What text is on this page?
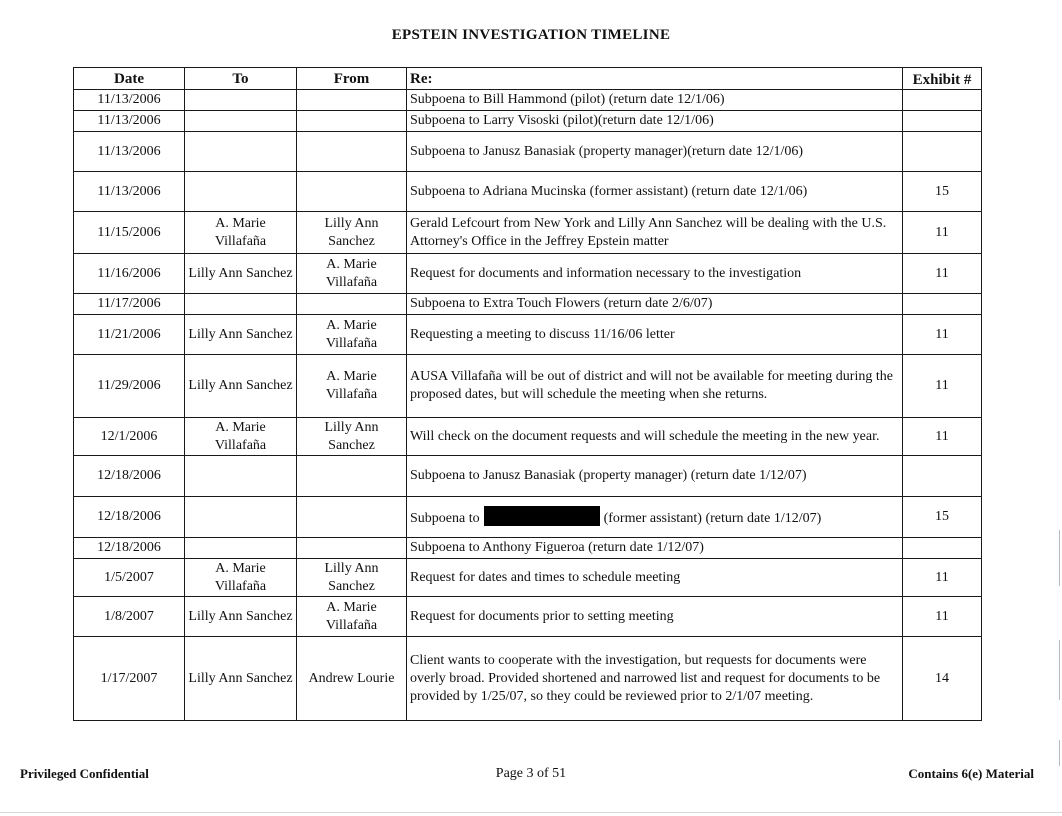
EPSTEIN INVESTIGATION TIMELINE
Date	To	From	Re:	Exhibit #
11/13/2006			Subpoena to Bill Hammond (pilot) (return date 12/1/06)	
11/13/2006			Subpoena to Larry Visoski (pilot)(return date 12/1/06)	
11/13/2006			Subpoena to Janusz Banasiak (property manager)(return date 12/1/06)	
11/13/2006			Subpoena to Adriana Mucinska (former assistant) (return date 12/1/06)	15
11/15/2006	A. Marie Villafaña	Lilly Ann Sanchez	Gerald Lefcourt from New York and Lilly Ann Sanchez will be dealing with the U.S. Attorney's Office in the Jeffrey Epstein matter	11
11/16/2006	Lilly Ann Sanchez	A. Marie Villafaña	Request for documents and information necessary to the investigation	11
11/17/2006			Subpoena to Extra Touch Flowers (return date 2/6/07)	
11/21/2006	Lilly Ann Sanchez	A. Marie Villafaña	Requesting a meeting to discuss 11/16/06 letter	11
11/29/2006	Lilly Ann Sanchez	A. Marie Villafaña	AUSA Villafaña will be out of district and will not be available for meeting during the proposed dates, but will schedule the meeting when she returns.	11
12/1/2006	A. Marie Villafaña	Lilly Ann Sanchez	Will check on the document requests and will schedule the meeting in the new year.	11
12/18/2006			Subpoena to Janusz Banasiak (property manager) (return date 1/12/07)	
12/18/2006			Subpoena to (former assistant) (return date 1/12/07)	15
12/18/2006			Subpoena to Anthony Figueroa (return date 1/12/07)	
1/5/2007	A. Marie Villafaña	Lilly Ann Sanchez	Request for dates and times to schedule meeting	11
1/8/2007	Lilly Ann Sanchez	A. Marie Villafaña	Request for documents prior to setting meeting	11
1/17/2007	Lilly Ann Sanchez	Andrew Lourie	Client wants to cooperate with the investigation, but requests for documents were overly broad. Provided shortened and narrowed list and request for documents to be provided by 1/25/07, so they could be reviewed prior to 2/1/07 meeting.	14
Privileged Confidential	Page 3 of 51	Contains 6(e) Material
